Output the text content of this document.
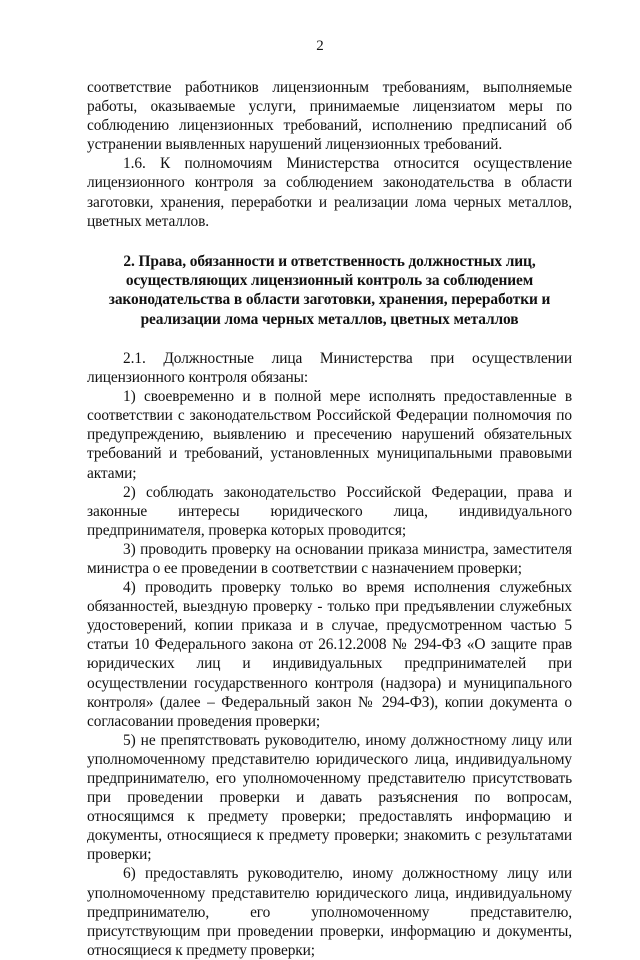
2

соответствие работников лицензионным требованиям, выполняемые работы, оказываемые услуги, принимаемые лицензиатом меры по соблюдению лицензионных требований, исполнению предписаний об устранении выявленных нарушений лицензионных требований.

1.6. К полномочиям Министерства относится осуществление лицензионного контроля за соблюдением законодательства в области заготовки, хранения, переработки и реализации лома черных металлов, цветных металлов.

2. Права, обязанности и ответственность должностных лиц,
осуществляющих лицензионный контроль за соблюдением
законодательства в области заготовки, хранения, переработки и
реализации лома черных металлов, цветных металлов

2.1. Должностные лица Министерства при осуществлении лицензионного контроля обязаны:

1) своевременно и в полной мере исполнять предоставленные в соответствии с законодательством Российской Федерации полномочия по предупреждению, выявлению и пресечению нарушений обязательных требований и требований, установленных муниципальными правовыми актами;

2) соблюдать законодательство Российской Федерации, права и законные интересы юридического лица, индивидуального предпринимателя, проверка которых проводится;

3) проводить проверку на основании приказа министра, заместителя министра о ее проведении в соответствии с назначением проверки;

4) проводить проверку только во время исполнения служебных обязанностей, выездную проверку - только при предъявлении служебных удостоверений, копии приказа и в случае, предусмотренном частью 5 статьи 10 Федерального закона от 26.12.2008 № 294-ФЗ «О защите прав юридических лиц и индивидуальных предпринимателей при осуществлении государственного контроля (надзора) и муниципального контроля» (далее – Федеральный закон № 294-ФЗ), копии документа о согласовании проведения проверки;

5) не препятствовать руководителю, иному должностному лицу или уполномоченному представителю юридического лица, индивидуальному предпринимателю, его уполномоченному представителю присутствовать при проведении проверки и давать разъяснения по вопросам, относящимся к предмету проверки; предоставлять информацию и документы, относящиеся к предмету проверки; знакомить с результатами проверки;

6) предоставлять руководителю, иному должностному лицу или уполномоченному представителю юридического лица, индивидуальному предпринимателю, его уполномоченному представителю, присутствующим при проведении проверки, информацию и документы, относящиеся к предмету проверки;
